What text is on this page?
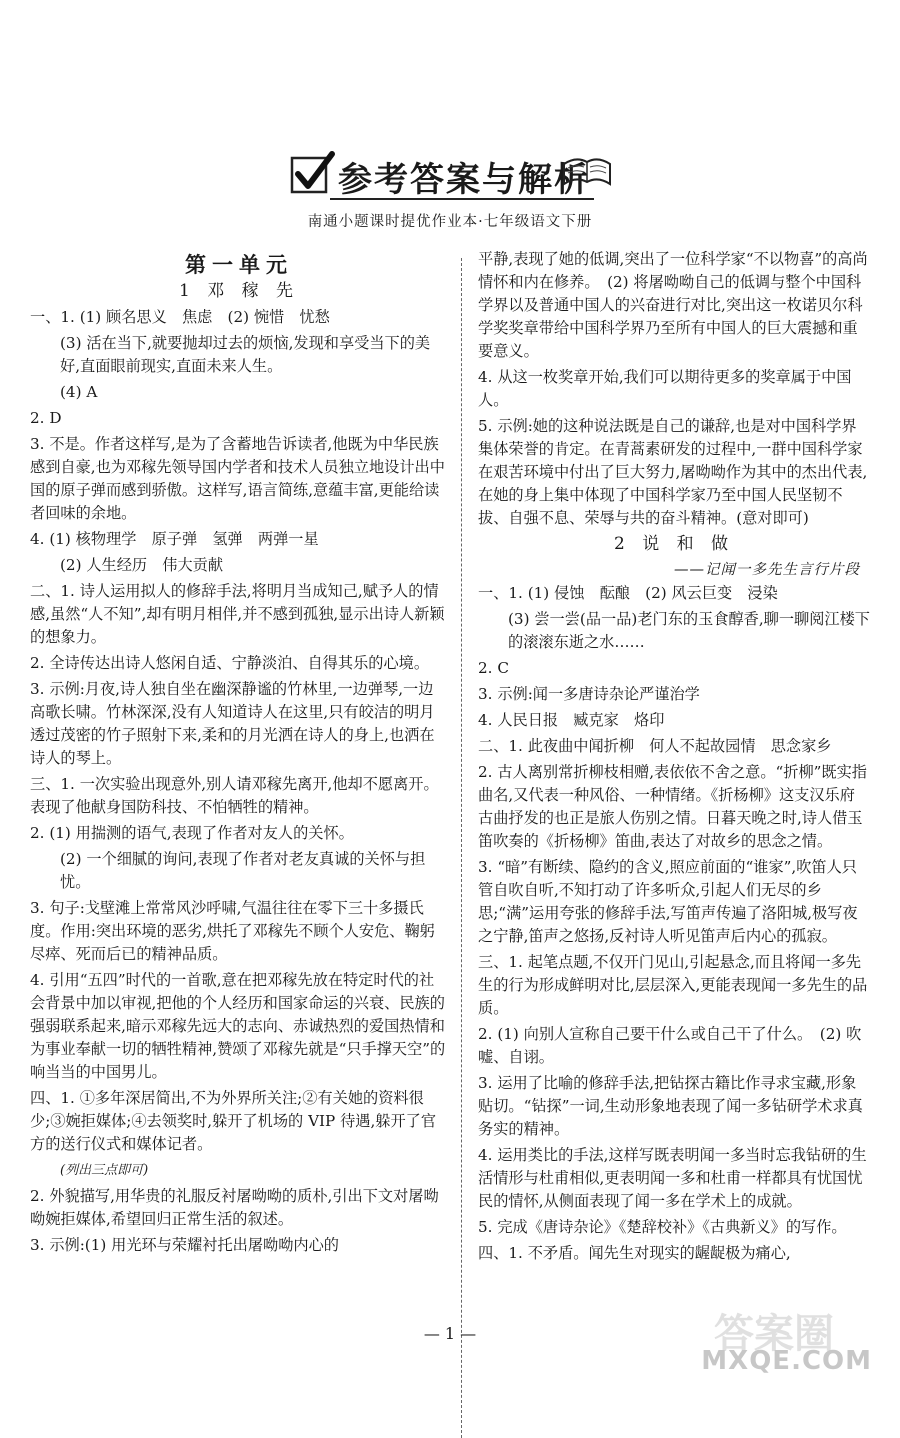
参考答案与解析
南通小题课时提优作业本·七年级语文下册
第一单元
1 邓 稼 先
一、1. (1) 顾名思义　焦虑　(2) 惋惜　忧愁
(3) 活在当下,就要抛却过去的烦恼,发现和享受当下的美好,直面眼前现实,直面未来人生。
(4) A
2. D
3. 不是。作者这样写,是为了含蓄地告诉读者,他既为中华民族感到自豪,也为邓稼先领导国内学者和技术人员独立地设计出中国的原子弹而感到骄傲。这样写,语言简练,意蕴丰富,更能给读者回味的余地。
4. (1) 核物理学　原子弹　氢弹　两弹一星
(2) 人生经历　伟大贡献
二、1. 诗人运用拟人的修辞手法,将明月当成知己,赋予人的情感,虽然“人不知”,却有明月相伴,并不感到孤独,显示出诗人新颖的想象力。
2. 全诗传达出诗人悠闲自适、宁静淡泊、自得其乐的心境。
3. 示例:月夜,诗人独自坐在幽深静谧的竹林里,一边弹琴,一边高歌长啸。竹林深深,没有人知道诗人在这里,只有皎洁的明月透过茂密的竹子照射下来,柔和的月光洒在诗人的身上,也洒在诗人的琴上。
三、1. 一次实验出现意外,别人请邓稼先离开,他却不愿离开。表现了他献身国防科技、不怕牺牲的精神。
2. (1) 用揣测的语气,表现了作者对友人的关怀。
(2) 一个细腻的询问,表现了作者对老友真诚的关怀与担忧。
3. 句子:戈壁滩上常常风沙呼啸,气温往往在零下三十多摄氏度。作用:突出环境的恶劣,烘托了邓稼先不顾个人安危、鞠躬尽瘁、死而后已的精神品质。
4. 引用“五四”时代的一首歌,意在把邓稼先放在特定时代的社会背景中加以审视,把他的个人经历和国家命运的兴衰、民族的强弱联系起来,暗示邓稼先远大的志向、赤诚热烈的爱国热情和为事业奉献一切的牺牲精神,赞颂了邓稼先就是“只手撑天空”的响当当的中国男儿。
四、1. ①多年深居简出,不为外界所关注;②有关她的资料很少;③婉拒媒体;④去领奖时,躲开了机场的 VIP 待遇,躲开了官方的送行仪式和媒体记者。
(列出三点即可)
2. 外貌描写,用华贵的礼服反衬屠呦呦的质朴,引出下文对屠呦呦婉拒媒体,希望回归正常生活的叙述。
3. 示例:(1) 用光环与荣耀衬托出屠呦呦内心的
平静,表现了她的低调,突出了一位科学家“不以物喜”的高尚情怀和内在修养。　(2) 将屠呦呦自己的低调与整个中国科学界以及普通中国人的兴奋进行对比,突出这一枚诺贝尔科学奖奖章带给中国科学界乃至所有中国人的巨大震撼和重要意义。
4. 从这一枚奖章开始,我们可以期待更多的奖章属于中国人。
5. 示例:她的这种说法既是自己的谦辞,也是对中国科学界集体荣誉的肯定。在青蒿素研发的过程中,一群中国科学家在艰苦环境中付出了巨大努力,屠呦呦作为其中的杰出代表,在她的身上集中体现了中国科学家乃至中国人民坚韧不拔、自强不息、荣辱与共的奋斗精神。(意对即可)
2 说 和 做
——记闻一多先生言行片段
一、1. (1) 侵蚀　酝酿　(2) 风云巨变　浸染
(3) 尝一尝(品一品)老门东的玉食醇香,聊一聊阅江楼下的滚滚东逝之水……
2. C
3. 示例:闻一多唐诗杂论严谨治学
4. 人民日报　臧克家　烙印
二、1. 此夜曲中闻折柳　何人不起故园情　思念家乡
2. 古人离别常折柳枝相赠,表依依不舍之意。“折柳”既实指曲名,又代表一种风俗、一种情绪。《折杨柳》这支汉乐府古曲抒发的也正是旅人伤别之情。日暮天晚之时,诗人借玉笛吹奏的《折杨柳》笛曲,表达了对故乡的思念之情。
3. “暗”有断续、隐约的含义,照应前面的“谁家”,吹笛人只管自吹自听,不知打动了许多听众,引起人们无尽的乡思;“满”运用夸张的修辞手法,写笛声传遍了洛阳城,极写夜之宁静,笛声之悠扬,反衬诗人听见笛声后内心的孤寂。
三、1. 起笔点题,不仅开门见山,引起悬念,而且将闻一多先生的行为形成鲜明对比,层层深入,更能表现闻一多先生的品质。
2. (1) 向别人宣称自己要干什么或自己干了什么。　(2) 吹嘘、自诩。
3. 运用了比喻的修辞手法,把钻探古籍比作寻求宝藏,形象贴切。“钻探”一词,生动形象地表现了闻一多钻研学术求真务实的精神。
4. 运用类比的手法,这样写既表明闻一多当时忘我钻研的生活情形与杜甫相似,更表明闻一多和杜甫一样都具有忧国忧民的情怀,从侧面表现了闻一多在学术上的成就。
5. 完成《唐诗杂论》《楚辞校补》《古典新义》的写作。
四、1. 不矛盾。闻先生对现实的龌龊极为痛心,
— 1 —	答案圈
MXQE.COM
